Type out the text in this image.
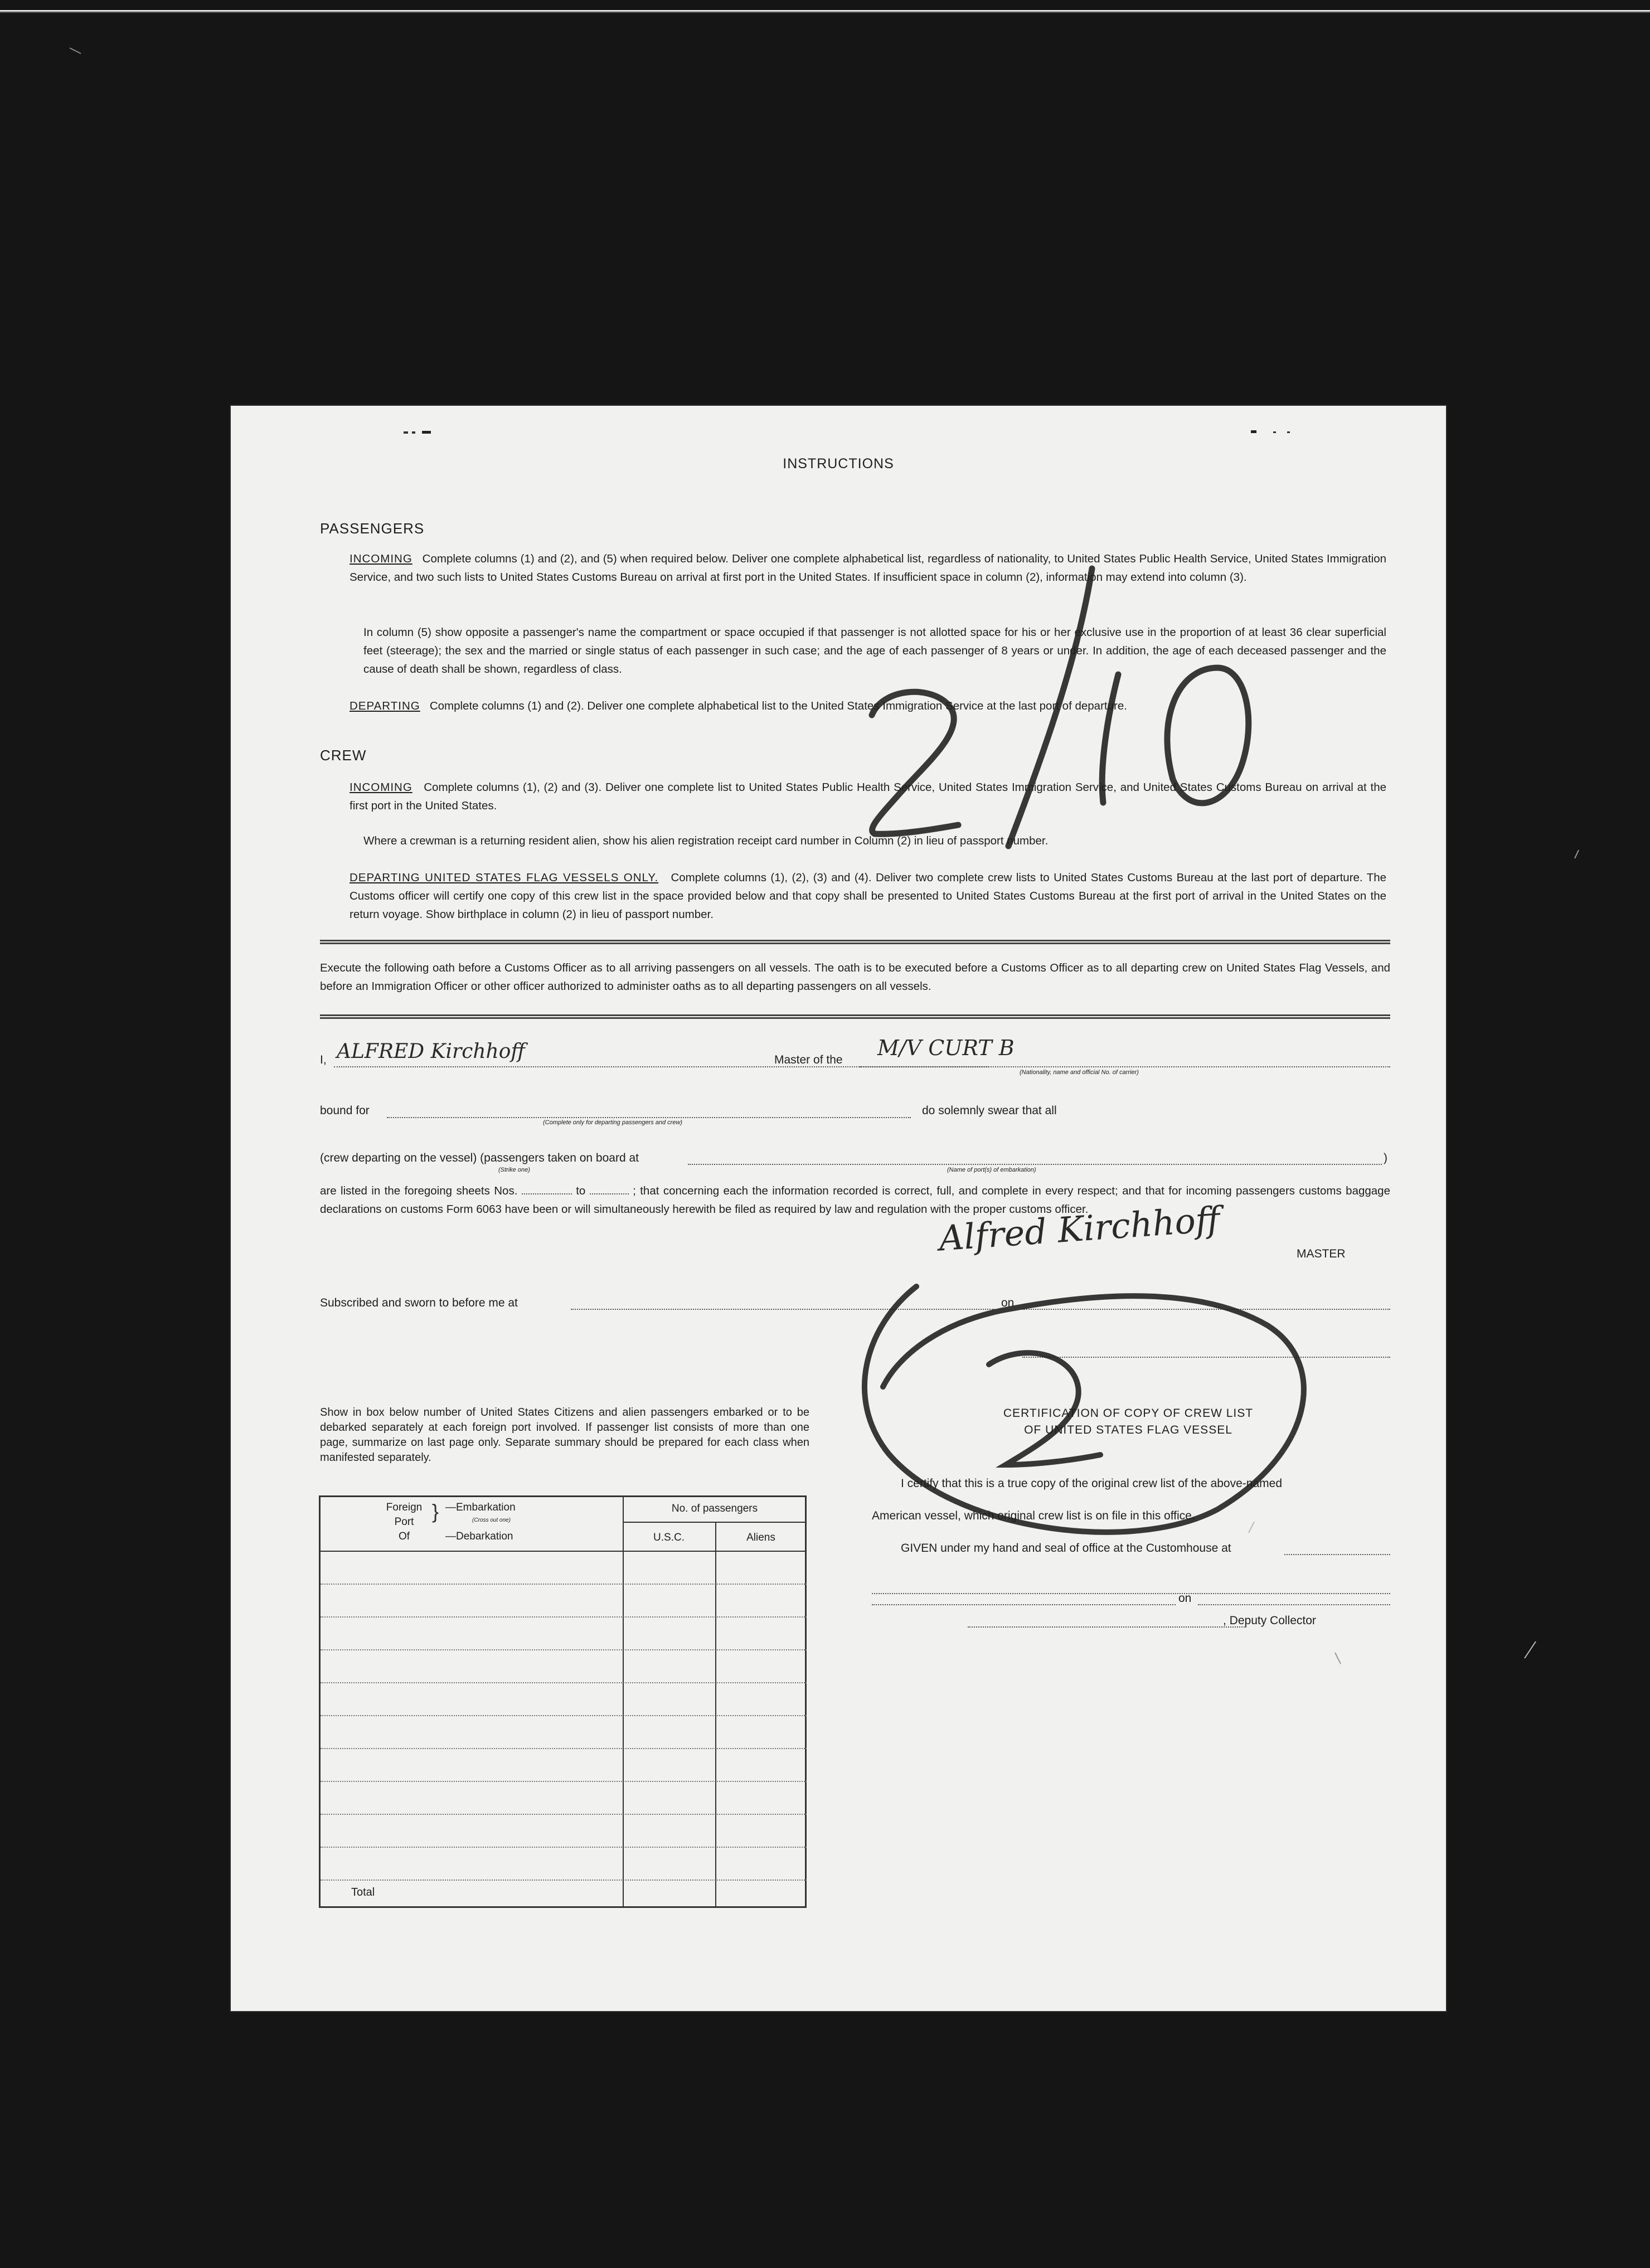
INSTRUCTIONS
PASSENGERS
INCOMING Complete columns (1) and (2), and (5) when required below. Deliver one complete alphabetical list, regardless of nationality, to United States Public Health Service, United States Immigration Service, and two such lists to United States Customs Bureau on arrival at first port in the United States. If insufficient space in column (2), information may extend into column (3).
In column (5) show opposite a passenger's name the compartment or space occupied if that passenger is not allotted space for his or her exclusive use in the proportion of at least 36 clear superficial feet (steerage); the sex and the married or single status of each passenger in such case; and the age of each passenger of 8 years or under. In addition, the age of each deceased passenger and the cause of death shall be shown, regardless of class.
DEPARTING Complete columns (1) and (2). Deliver one complete alphabetical list to the United States Immigration Service at the last port of departure.
CREW
INCOMING Complete columns (1), (2) and (3). Deliver one complete list to United States Public Health Service, United States Immigration Service, and United States Customs Bureau on arrival at the first port in the United States.
Where a crewman is a returning resident alien, show his alien registration receipt card number in Column (2) in lieu of passport number.
DEPARTING UNITED STATES FLAG VESSELS ONLY. Complete columns (1), (2), (3) and (4). Deliver two complete crew lists to United States Customs Bureau at the last port of departure. The Customs officer will certify one copy of this crew list in the space provided below and that copy shall be presented to United States Customs Bureau at the first port of arrival in the United States on the return voyage. Show birthplace in column (2) in lieu of passport number.
Execute the following oath before a Customs Officer as to all arriving passengers on all vessels. The oath is to be executed before a Customs Officer as to all departing crew on United States Flag Vessels, and before an Immigration Officer or other officer authorized to administer oaths as to all departing passengers on all vessels.
I, ALFRED Kirchhoff	Master of the M/V CURT B
(Nationality, name and official No. of carrier)
bound for
(Complete only for departing passengers and crew)
do solemnly swear that all
(crew departing on the vessel) (passengers taken on board at	)
(Strike one)	(Name of port(s) of embarkation)
are listed in the foregoing sheets Nos.	to	; that concerning each the information recorded is correct, full, and complete in every respect; and that for incoming passengers customs baggage declarations on customs Form 6063 have been or will simultaneously herewith be filed as required by law and regulation with the proper customs officer.
Alfred Kirchhoff	MASTER
Subscribed and sworn to before me at	on
Show in box below number of United States Citizens and alien passengers embarked or to be debarked separately at each foreign port involved. If passenger list consists of more than one page, summarize on last page only. Separate summary should be prepared for each class when manifested separately.
Foreign
Port
Of
} —Embarkation
(Cross out one)
—Debarkation
No. of passengers
U.S.C.	Aliens
Total
CERTIFICATION OF COPY OF CREW LIST
OF UNITED STATES FLAG VESSEL
I certify that this is a true copy of the original crew list of the above-named
American vessel, which original crew list is on file in this office.
GIVEN under my hand and seal of office at the Customhouse at
on
, Deputy Collector
